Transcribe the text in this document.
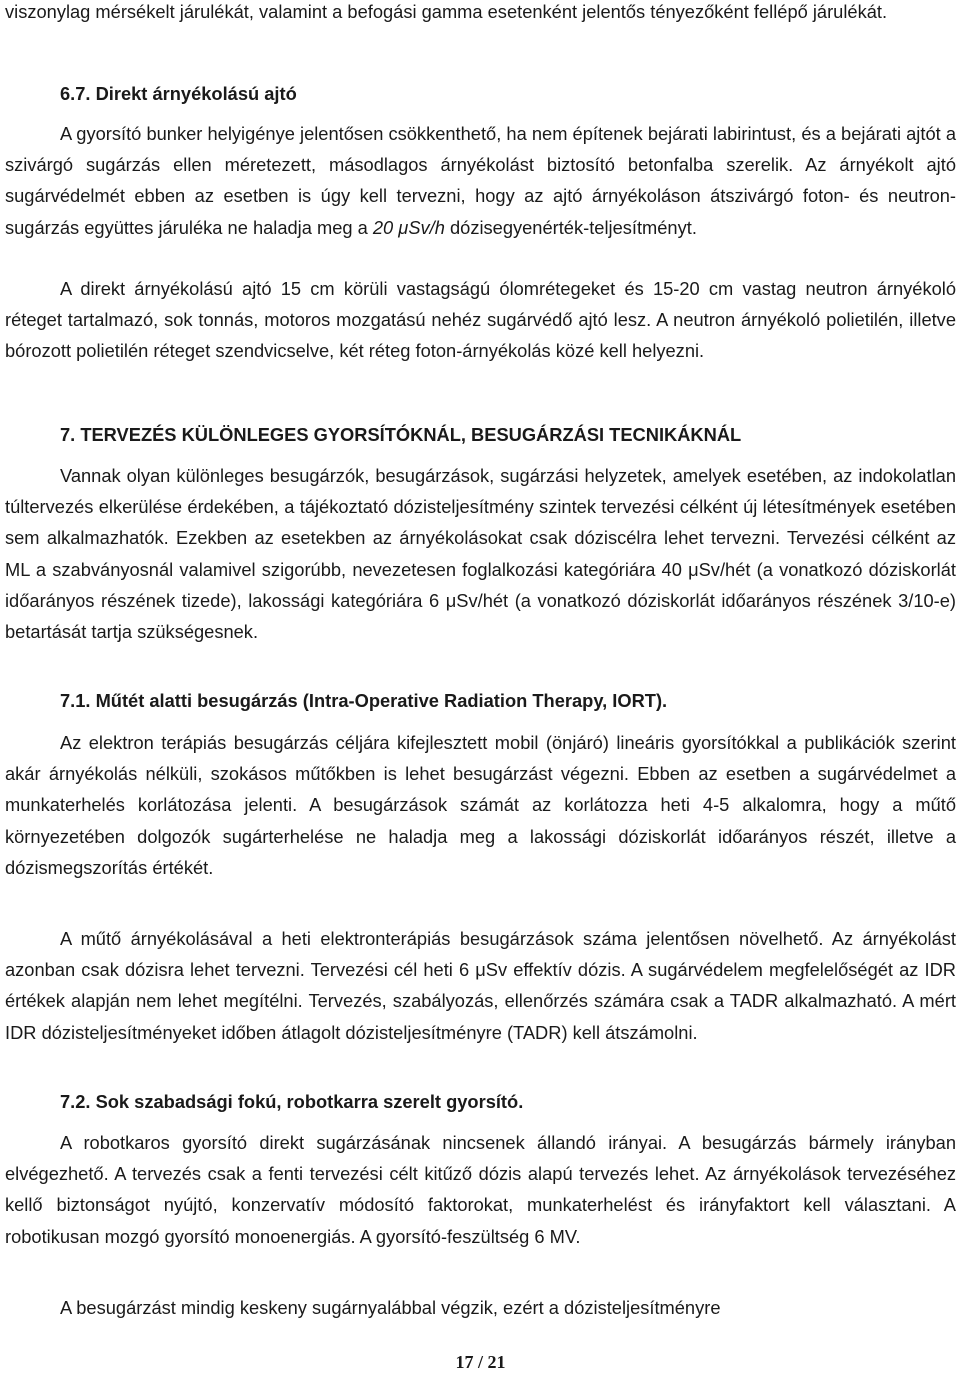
viszonylag mérsékelt járulékát, valamint a befogási gamma esetenként jelentős tényezőként fellépő járulékát.

6.7. Direkt árnyékolású ajtó

A gyorsító bunker helyigénye jelentősen csökkenthető, ha nem építenek bejárati labirintust, és a bejárati ajtót a szivárgó sugárzás ellen méretezett, másodlagos árnyékolást biztosító betonfalba szerelik. Az árnyékolt ajtó sugárvédelmét ebben az esetben is úgy kell tervezni, hogy az ajtó árnyékoláson átszivárgó foton- és neutron-sugárzás együttes járuléka ne haladja meg a 20 μSv/h dózisegyenérték-teljesítményt.

A direkt árnyékolású ajtó 15 cm körüli vastagságú ólomrétegeket és 15-20 cm vastag neutron árnyékoló réteget tartalmazó, sok tonnás, motoros mozgatású nehéz sugárvédő ajtó lesz. A neutron árnyékoló polietilén, illetve bórozott polietilén réteget szendvicselve, két réteg foton-árnyékolás közé kell helyezni.

7. TERVEZÉS KÜLÖNLEGES GYORSÍTÓKNÁL, BESUGÁRZÁSI TECNIKÁKNÁL

Vannak olyan különleges besugárzók, besugárzások, sugárzási helyzetek, amelyek esetében, az indokolatlan túltervezés elkerülése érdekében, a tájékoztató dózisteljesítmény szintek tervezési célként új létesítmények esetében sem alkalmazhatók. Ezekben az esetekben az árnyékolásokat csak dóziscélra lehet tervezni. Tervezési célként az ML a szabványosnál valamivel szigorúbb, nevezetesen foglalkozási kategóriára 40 μSv/hét (a vonatkozó dóziskorlát időarányos részének tizede), lakossági kategóriára 6 μSv/hét (a vonatkozó dóziskorlát időarányos részének 3/10-e) betartását tartja szükségesnek.

7.1. Műtét alatti besugárzás (Intra-Operative Radiation Therapy, IORT).

Az elektron terápiás besugárzás céljára kifejlesztett mobil (önjáró) lineáris gyorsítókkal a publikációk szerint akár árnyékolás nélküli, szokásos műtőkben is lehet besugárzást végezni. Ebben az esetben a sugárvédelmet a munkaterhelés korlátozása jelenti. A besugárzások számát az korlátozza heti 4-5 alkalomra, hogy a műtő környezetében dolgozók sugárterhelése ne haladja meg a lakossági dóziskorlát időarányos részét, illetve a dózismegszorítás értékét.

A műtő árnyékolásával a heti elektronterápiás besugárzások száma jelentősen növelhető. Az árnyékolást azonban csak dózisra lehet tervezni. Tervezési cél heti 6 μSv effektív dózis. A sugárvédelem megfelelőségét az IDR értékek alapján nem lehet megítélni. Tervezés, szabályozás, ellenőrzés számára csak a TADR alkalmazható. A mért IDR dózisteljesítményeket időben átlagolt dózisteljesítményre (TADR) kell átszámolni.

7.2. Sok szabadsági fokú, robotkarra szerelt gyorsító.

A robotkaros gyorsító direkt sugárzásának nincsenek állandó irányai. A besugárzás bármely irányban elvégezhető. A tervezés csak a fenti tervezési célt kitűző dózis alapú tervezés lehet. Az árnyékolások tervezéséhez kellő biztonságot nyújtó, konzervatív módosító faktorokat, munkaterhelést és irányfaktort kell választani. A robotikusan mozgó gyorsító monoenergiás. A gyorsító-feszültség 6 MV.

A besugárzást mindig keskeny sugárnyalábbal végzik, ezért a dózisteljesítményre

17 / 21
